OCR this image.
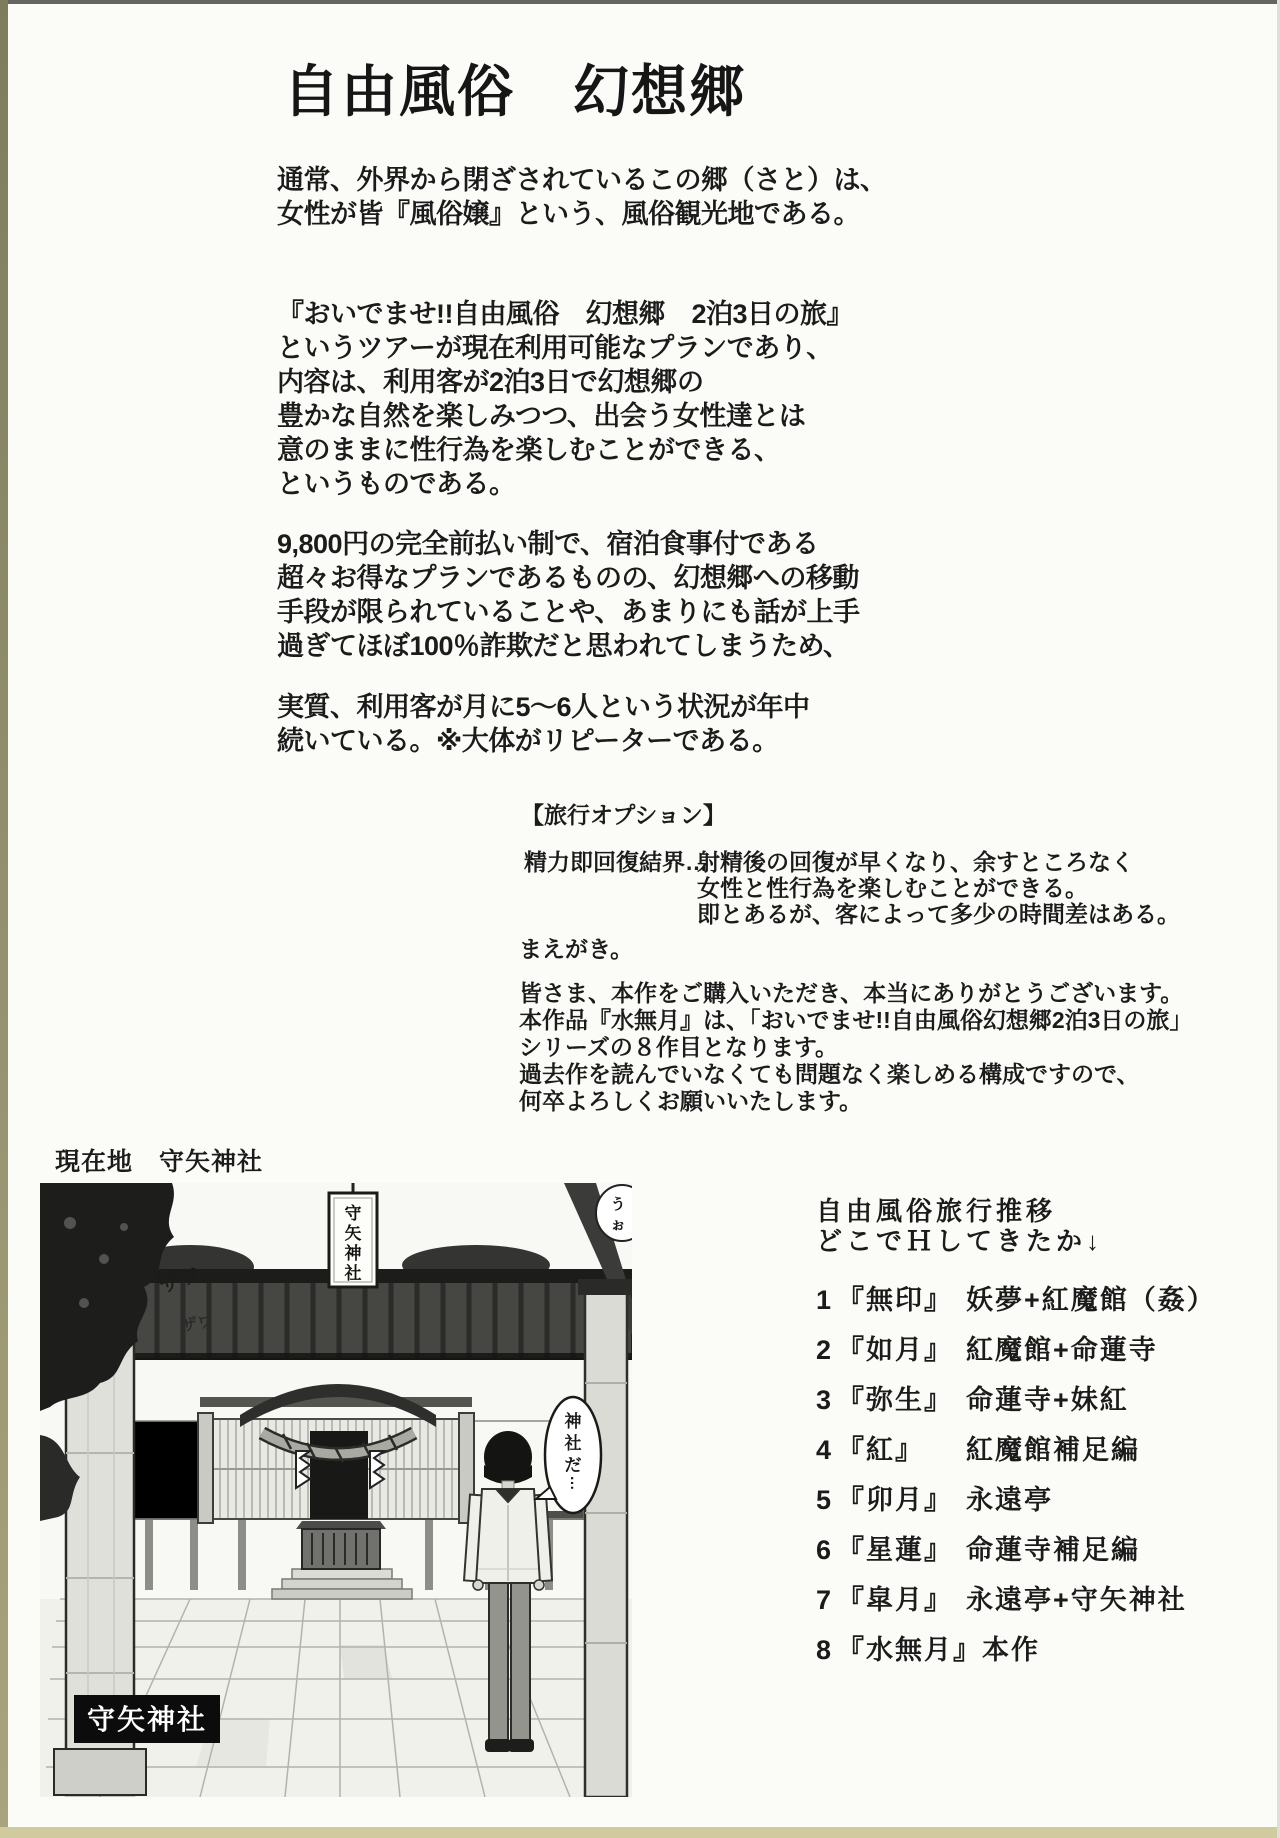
自由風俗　幻想郷
通常、外界から閉ざされているこの郷（さと）は、
女性が皆『風俗嬢』という、風俗観光地である。
『おいでませ!!自由風俗　幻想郷　2泊3日の旅』
というツアーが現在利用可能なプランであり、
内容は、利用客が2泊3日で幻想郷の
豊かな自然を楽しみつつ、出会う女性達とは
意のままに性行為を楽しむことができる、
というものである。
9,800円の完全前払い制で、宿泊食事付である
超々お得なプランであるものの、幻想郷への移動
手段が限られていることや、あまりにも話が上手
過ぎてほぼ100％詐欺だと思われてしまうため、
実質、利用客が月に5〜6人という状況が年中
続いている。※大体がリピーターである。
【旅行オプション】
精力即回復結界…
射精後の回復が早くなり、余すところなく
女性と性行為を楽しむことができる。
即とあるが、客によって多少の時間差はある。
まえがき。
皆さま、本作をご購入いただき、本当にありがとうございます。
本作品『水無月』は、「おいでませ!!自由風俗幻想郷2泊3日の旅」
シリーズの８作目となります。
過去作を読んでいなくても問題なく楽しめる構成ですので、
何卒よろしくお願いいたします。
現在地　守矢神社
神
社
だ
…
う
ぉ
ザワ
ザワ
守
矢
神
社
守矢神社
自由風俗旅行推移
どこでＨしてきたか↓
1 『無印』 妖夢+紅魔館（姦）
2 『如月』 紅魔館+命蓮寺
3 『弥生』 命蓮寺+妹紅
4 『紅』	紅魔館補足編
5 『卯月』 永遠亭
6 『星蓮』 命蓮寺補足編
7 『皐月』 永遠亭+守矢神社
8 『水無月』 本作
